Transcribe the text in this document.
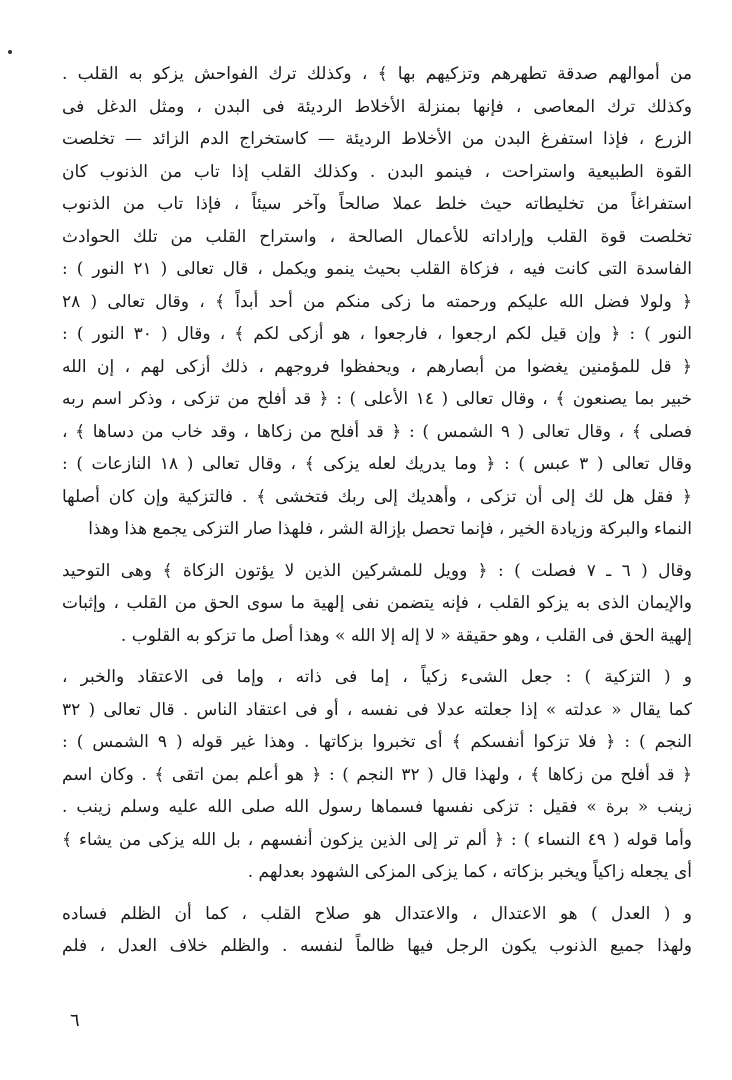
من أموالهم صدقة تطهرهم وتزكيهم بها ﴾ ، وكذلك ترك الفواحش يزكو به القلب .
وكذلك ترك المعاصى ، فإنها بمنزلة الأخلاط الرديئة فى البدن ، ومثل الدغل فى
الزرع ، فإذا استفرغ البدن من الأخلاط الرديئة — كاستخراج الدم الزائد — تخلصت
القوة الطبيعية واستراحت ، فينمو البدن . وكذلك القلب إذا تاب من الذنوب كان
استفراغاً من تخليطاته حيث خلط عملا صالحاً وآخر سيئاً ، فإذا تاب من الذنوب
تخلصت قوة القلب وإراداته للأعمال الصالحة ، واستراح القلب من تلك الحوادث
الفاسدة التى كانت فيه ، فزكاة القلب بحيث ينمو ويكمل ، قال تعالى ( ٢١ النور ) :
﴿ ولولا فضل الله عليكم ورحمته ما زكى منكم من أحد أبداً ﴾ ، وقال تعالى ( ٢٨
النور ) : ﴿ وإن قيل لكم ارجعوا ، فارجعوا ، هو أزكى لكم ﴾ ، وقال ( ٣٠ النور ) :
﴿ قل للمؤمنين يغضوا من أبصارهم ، ويحفظوا فروجهم ، ذلك أزكى لهم ، إن الله
خبير بما يصنعون ﴾ ، وقال تعالى ( ١٤ الأعلى ) : ﴿ قد أفلح من تزكى ، وذكر اسم ربه
فصلى ﴾ ، وقال تعالى ( ٩ الشمس ) : ﴿ قد أفلح من زكاها ، وقد خاب من دساها ﴾ ،
وقال تعالى ( ٣ عبس ) : ﴿ وما يدريك لعله يزكى ﴾ ، وقال تعالى ( ١٨ النازعات ) :
﴿ فقل هل لك إلى أن تزكى ، وأهديك إلى ربك فتخشى ﴾ . فالتزكية وإن كان أصلها
النماء والبركة وزيادة الخير ، فإنما تحصل بإزالة الشر ، فلهذا صار التزكى يجمع هذا وهذا
وقال ( ٦ ـ ٧ فصلت ) : ﴿ وويل للمشركين الذين لا يؤتون الزكاة ﴾ وهى التوحيد
والإيمان الذى به يزكو القلب ، فإنه يتضمن نفى إلهية ما سوى الحق من القلب ، وإثبات
إلهية الحق فى القلب ، وهو حقيقة « لا إله إلا الله » وهذا أصل ما تزكو به القلوب .
و ( التزكية ) : جعل الشىء زكياً ، إما فى ذاته ، وإما فى الاعتقاد والخبر ،
كما يقال « عدلته » إذا جعلته عدلا فى نفسه ، أو فى اعتقاد الناس . قال تعالى ( ٣٢
النجم ) : ﴿ فلا تزكوا أنفسكم ﴾ أى تخبروا بزكاتها . وهذا غير قوله ( ٩ الشمس ) :
﴿ قد أفلح من زكاها ﴾ ، ولهذا قال ( ٣٢ النجم ) : ﴿ هو أعلم بمن اتقى ﴾ . وكان اسم
زينب « برة » فقيل : تزكى نفسها فسماها رسول الله صلى الله عليه وسلم زينب .
وأما قوله ( ٤٩ النساء ) : ﴿ ألم تر إلى الذين يزكون أنفسهم ، بل الله يزكى من يشاء ﴾
أى يجعله زاكياً ويخبر بزكاته ، كما يزكى المزكى الشهود بعدلهم .
و ( العدل ) هو الاعتدال ، والاعتدال هو صلاح القلب ، كما أن الظلم فساده
ولهذا جميع الذنوب يكون الرجل فيها ظالماً لنفسه . والظلم خلاف العدل ، فلم
٦
